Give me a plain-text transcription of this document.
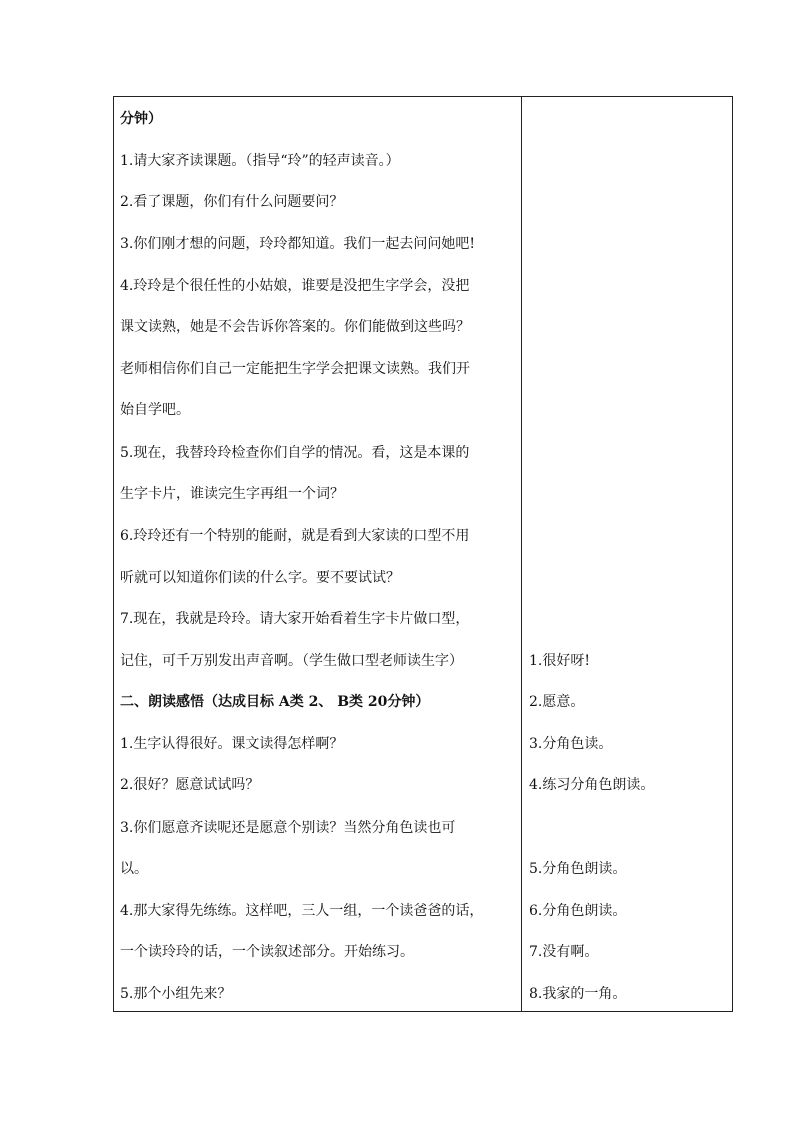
分钟）
1.请大家齐读课题。（指导“玲”的轻声读音。）
2.看了课题，你们有什么问题要问？
3.你们刚才想的问题，玲玲都知道。我们一起去问问她吧!
4.玲玲是个很任性的小姑娘，谁要是没把生字学会，没把
课文读熟，她是不会告诉你答案的。你们能做到这些吗？
老师相信你们自己一定能把生字学会把课文读熟。我们开
始自学吧。
5.现在，我替玲玲检查你们自学的情况。看，这是本课的
生字卡片，谁读完生字再组一个词？
6.玲玲还有一个特别的能耐，就是看到大家读的口型不用
听就可以知道你们读的什么字。要不要试试？
7.现在，我就是玲玲。请大家开始看着生字卡片做口型，
记住，可千万别发出声音啊。（学生做口型老师读生字）
二、朗读感悟（达成目标 A类 2、 B类 20分钟）
1.生字认得很好。课文读得怎样啊？
2.很好？愿意试试吗？
3.你们愿意齐读呢还是愿意个别读？当然分角色读也可
以。
4.那大家得先练练。这样吧，三人一组，一个读爸爸的话，
一个读玲玲的话，一个读叙述部分。开始练习。
5.那个小组先来？
1.很好呀!
2.愿意。
3.分角色读。
4.练习分角色朗读。
5.分角色朗读。
6.分角色朗读。
7.没有啊。
8.我家的一角。
